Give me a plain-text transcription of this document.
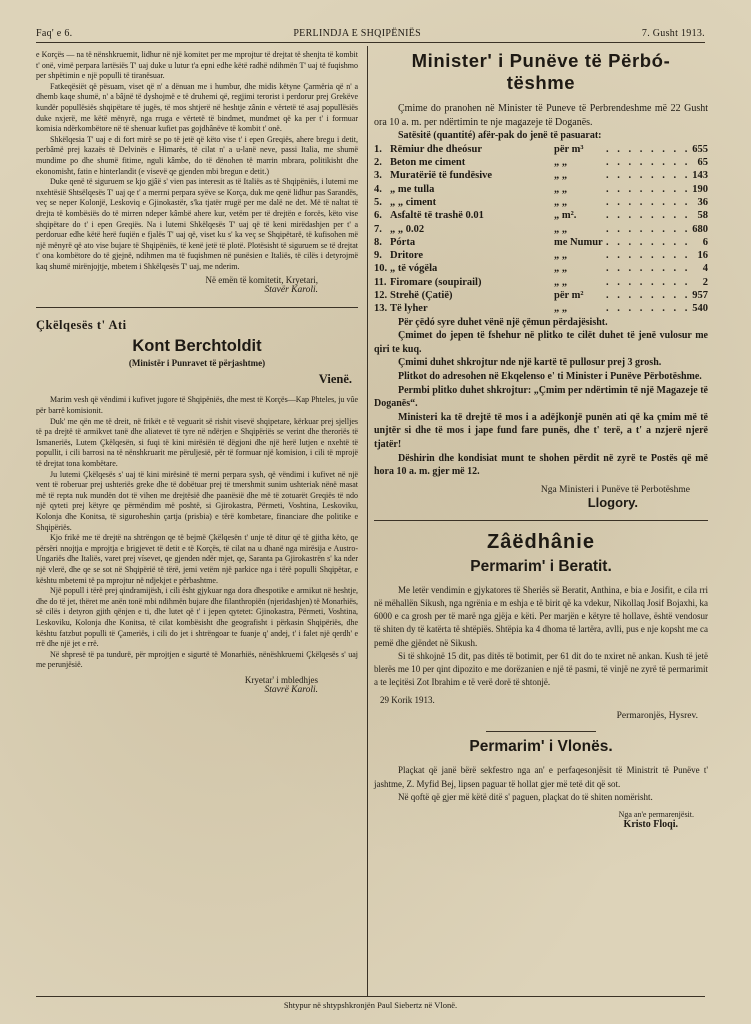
Faq' e 6.	PERLINDJA E SHQIPËNIËS	7. Gusht 1913.

e Korçës — na të nënshkruemit, lidhur në një komitet per me mprojtur të drejtat të shenjta të kombit t' onë, vimë perpara lartësiës T' uaj duke u lutur t'a epni edhe këtë radhë ndihmën T' uaj të fuqishmo per shpëtimin e një populli të tiranësuar.

Fatkeqësiët që pësuam, viset që n' a dënuan me i humbur, dhe midis këtyne Çarmëria që n' a dhemb kaqe shumë, n' a bâjnë të dyshojmë e të druhemi që, regjimi terorist i perdorur prej Grekëve kundër popullësiës shqipëtare të jugës, të mos shtjerë në heshtje zânin e vërtetë të asaj popullësiës duke nxjerë, me këtë mënyrë, nga rruga e vërtetë të bindmet, mundmet që ka per t' i formuar komisia ndërkombëtore në të shenuar kufiet pas gojdhânëve të kombit t' onë.

Shkëlqesia T' uaj e di fort mirë se po të jetë që këto vise t' i epen Greqiës, ahere bregu i detit, perbâmë prej kazaës të Delvinës e Himarës, të cilat n' a u-lanë neve, passi Italia, me shumë mundime po dhe shumë fitime, nguli kâmbe, do të dënohen të marrin mbrara, politikisht dhe ekonomisht, fatin e hinterlandit (e visevë qe gjenden mbi bregun e detit.)

Duke qenë të siguruem se kjo gjâë s' vien pas interesit as të Italiës as të Shqipëniës, i lutemi me nxehtësië Shtsëlqesës T' uaj qe t' a merrni perpara syëve se Korça, duk me qenë lidhur pas Sarandës, veç se neper Kolonjë, Leskoviq e Gjinokastër, s'ka tjatër rrugë per me dalë ne det. Më të naltat të drejta të kombësiës do të mirren ndeper kâmbë ahere kur, vetëm per të drejtën e forcës, këto vise shqipëtare do t' i epen Greqiës. Na i lutemi Shkëlqesës T' uaj që të keni mirëdashjen per t' a perdoruar edhe këtë herë fuqiën e fjalës T' uaj që, viset ku s' ka veç se Shqipëtarë, të kufisohen më një mënyrë që ato vise bujare të Shqipëniës, të kenë jetë të plotë. Plotësisht të siguruem se të drejtat t' ona kombëtore do të gjejnë, ndihmen ma të fuqishmen në punësien e Italiës, të cilës i detyrojmë kaq shumë mirënjojtje, mbetem i Shkëlqesës T' uaj, me nderim.

Në emën të komitetit, Kryetari,
Stavër Karoli.
Çkëlqesës t' Ati
Kont Berchtoldit
(Ministër i Punravet të përjashtme)
Vienë.

Marim vesh që vëndimi i kufivet jugore të Shqipëniës, dhe mest të Korçës—Kap Phteles, ju vûe për barrë komisionit.

Duk' me qën me të dreit, në frikët e të veguarit së rishit visevë shqipetare, kërkuar prej sjelljes të pa drejtë të armikvet tanë dhe aliatevet të tyre në ndërjen e Shqipëriës se verint dhe theroriës të Ismaneriës, Lutem Çkëlqesën, si fuqi të kini mirësiën të dëgjoni dhe një herë lutjen e nxehtë të popullit, i cili barrosi na të nënshkruarit me përuljesië, për të formuar një komision, i cili të mprojë të drejtat tona kombëtare.

Ju lutemi Çkëlqesës s' uaj të kini mirësinë të merni perpara sysh, që vëndimi i kufivet në një vent të roberuar prej ushteriës greke dhe të dobëtuar prej të tmershmit sunim ushteriak nënë masat më të repta nuk mundën dot të vihen me drejtësië dhe paanësië dhe më të zotuarët Greqiës të ndo një qyteti prej këtyre qe përmëndim më poshtë, si Gjirokastra, Përmeti, Voshtina, Leskoviku, Kolonja dhe Konitsa, të siguroheshin çartja (prisbia) e tërë kombetare, financiare dhe politike e Shqipëriës.

Kjo frikë me të drejtë na shtrëngon qe të bejmë Çkëlqesën t' unje të ditur që të gjitha këto, qe përsëri nnojtja e mprojtja e brigjevet të detit e të Korçës, të cilat na u dhanë nga mirësija e Austro-Ungariës dhe Italiës, varet prej vísevet, qe gjenden ndër mjet, qe, Saranta pa Gjirokastrën s' ka nder një vlerë, dhe qe se sot në Shqipërië të tërë, jemi vetëm një parkice nga i tërë populli Shqipëtar, e kështu mbetemi të pa mprojtur në ndjekjet e përbashtme.

Një popull i tërë prej qindramijësh, i cili ësht gjykuar nga dora dhespotike e armikut në heshtje, dhe do të jet, thëret me anën tonë mbi ndihmën bujare dhe filanthropiën (njeridashjen) të Monarhiës, së cilës i detyron gjith qënjen e ti, dhe lutet që t' i jepen qytetet: Gjinokastra, Përmeti, Voshtina, Leskoviku, Kolonja dhe Konitsa, të cilat kombësisht dhe geografisht i përkasin Shqipëriës, dhe kështu fatzbut populli të Çameriës, i cili do jet i shtrëngoar te fuanje q' andej, t' i falet një qerdh' e rrë dhe një jet e rrë.

Në shpresë të pa tundurë, për mprojtjen e sigurtë të Monarhiës, nënëshkruemi Çkëlqesës s' uaj me perunjësië.

Kryetar' i mbledhjes
Stavrë Karoli.
Minister' i Punëve të Përbó-
tëshme

Çmime do pranohen në Minister të Puneve të Perbrendeshme më 22 Gusht ora 10 a. m. per ndërtimin te nje magazeje të Doganës.

Satësitë (quantité) afër-pak do jenë të pasuarat:

1. Rëmiur dhe dheósur	për m³	. . . . . . . . 655
2. Beton me ciment	„ „	. . . . . . . . 65
3. Muratërië të fundësive	„ „	. . . . . . . . 143
4. „ me tulla	„ „	. . . . . . . . 190
5. „ „ ciment	„ „	. . . . . . . . 36
6. Asfaltë të trashë 0.01	„ m².	. . . . . . . . 58
7. „ „ 0.02	„ „	. . . . . . . . 680
8. Pórta	me Numur . . . . . . . .	6
9. Dritore	„ „	. . . . . . . . 16
10. „ të vógëla	„ „	. . . . . . . .	4
11. Firomare (soupirail)	„ „	. . . . . . . .	2
12. Strehë (Çatië)	për m²	. . . . . . . . 957
13. Të lyher	„ „	. . . . . . . . 540

Për çëdó syre duhet vënë një çëmun përdajësisht.

Çmimet do jepen të fshehur në plitko te cilët duhet të jenë vulosur me qiri te kuq.

Çmimi duhet shkrojtur nde një kartë të pullosur prej 3 grosh.

Plitkot do adresohen në Ekqelenso e' ti Minister i Punëve Përbotëshme.

Permbi plitko duhet shkrojtur: „Çmim per ndërtimin të një Magazeje të Doganës“.

Ministeri ka të drejtë të mos i a adëjkonjë punën ati që ka çmim më të unjtër si dhe të mos i jape fund fare punës, dhe t' terë, a t' a nzjerë njerë tjatër!

Dëshirin dhe kondisiat munt te shohen përdit në zyrë te Postës që më hora 10 a. m. gjer më 12.

Nga Ministeri i Punëve të Perbotëshme
Llogory.
Zâëdhânie
Permarim' i Beratit.

Me letër vendimin e gjykatores të Sheriës së Beratit, Anthina, e bia e Josifit, e cila rri në mëhallën Sikush, nga ngrënia e m eshja e të birit që ka vdekur, Nikollaq Josif Bojaxhi, ka 6000 e ca grosh per të marë nga gjëja e këti. Per marjën e këtyre të hollave, është vendosur të shiten dy të katërta të shtëpiës. Shtëpia ka 4 dhoma të lartëra, avlli, pus e nje kopsht me ca pemë dhe gjëndet në Sikush.

Si të shkojnë 15 dit, pas ditës të botimit, per 61 dit do te nxiret në ankan. Kush të jetë blerës me 10 per qint dipozito e me dorëzanien e një të pasmi, të vinjë ne zyrë të permarimit a te leçitësi Zot Ibrahim e të verë dorë të shtonjë.

29 Korik 1913.
Permaronjës, Hysrev.
Permarim' i Vlonës.

Plaçkat që janë bërë sekfestro nga an' e perfaqesonjësit të Ministrit të Punëve t' jashtme, Z. Myfid Bej, lipsen paguar të hollat gjer më tetë dit që sot.

Në qoftë që gjer më këtë ditë s' paguen, plaçkat do të shiten nomërisht.

Nga an'e permarenjësit.
Kristo Floqi.
Shtypur në shtypshkronjën Paul Siebertz në Vlonë.
